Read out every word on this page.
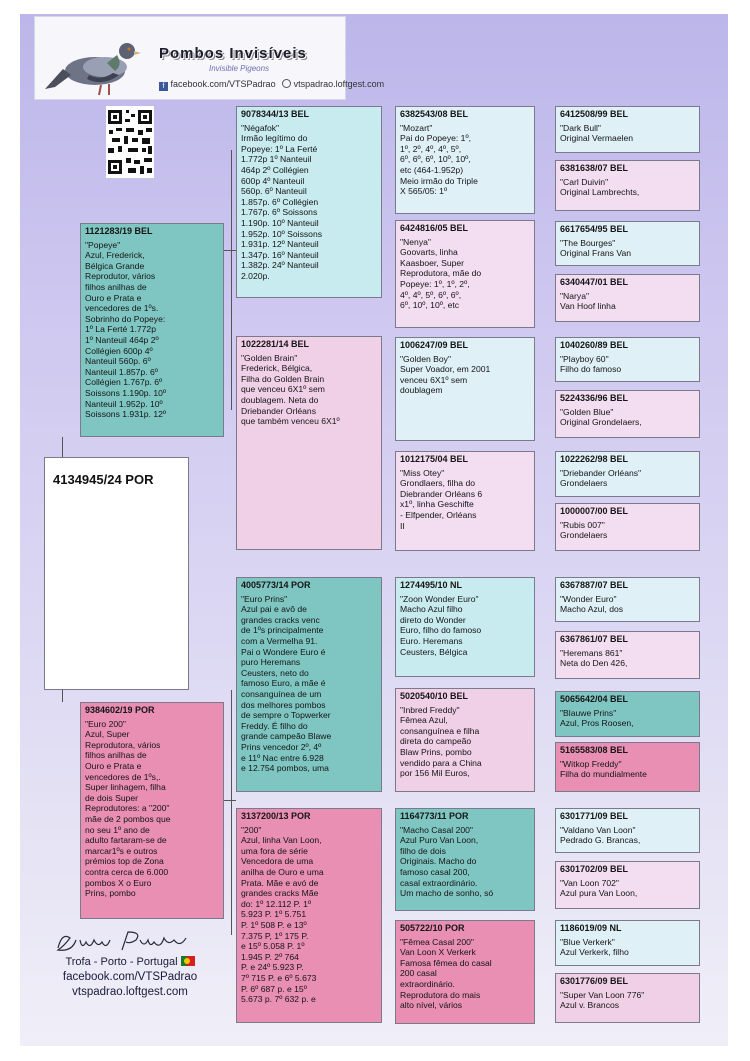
Pombos Invisíveis
Invisible Pigeons
f facebook.com/VTSPadrao vtspadrao.loftgest.com
4134945/24 POR
1121283/19 BEL
"Popeye"
Azul, Frederick,
Bélgica Grande
Reprodutor, vários
filhos anilhas de
Ouro e Prata e
vencedores de 1ºs.
Sobrinho do Popeye:
1º La Ferté 1.772p
1º Nanteuil 464p 2º
Collégien 600p 4º
Nanteuil 560p. 6º
Nanteuil 1.857p. 6º
Collégien 1.767p. 6º
Soissons 1.190p. 10º
Nanteuil 1.952p. 10º
Soissons 1.931p. 12º
9384602/19 POR
"Euro 200"
Azul, Super
Reprodutora, vários
filhos anilhas de
Ouro e Prata e
vencedores de 1ºs,.
Super linhagem, filha
de dois Super
Reprodutores: a "200"
mãe de 2 pombos que
no seu 1º ano de
adulto fartaram-se de
marcar1ºs e outros
prémios top de Zona
contra cerca de 6.000
pombos X o Euro
Prins, pombo
9078344/13 BEL
"Négafok"
Irmão legítimo do
Popeye: 1º La Ferté
1.772p 1º Nanteuil
464p 2º Collégien
600p 4º Nanteuil
560p. 6º Nanteuil
1.857p. 6º Collégien
1.767p. 6º Soissons
1.190p. 10º Nanteuil
1.952p. 10º Soissons
1.931p. 12º Nanteuil
1.347p. 16º Nanteuil
1.382p. 24º Nanteuil
2.020p.
1022281/14 BEL
"Golden Brain"
Frederick, Bélgica,
Filha do Golden Brain
que venceu 6X1º sem
doublagem. Neta do
Driebander Orléans
que também venceu 6X1º
4005773/14 POR
"Euro Prins"
Azul pai e avô de
grandes cracks venc
de 1ºs principalmente
com a Vermelha 91.
Pai o Wondere Euro é
puro Heremans
Ceusters, neto do
famoso Euro, a mãe é
consanguínea de um
dos melhores pombos
de sempre o Topwerker
Freddy. É filho do
grande campeão Blawe
Prins vencedor 2º, 4º
e 11º Nac entre 6.928
e 12.754 pombos, uma
3137200/13 POR
"200"
Azul, linha Van Loon,
uma fora de série
Vencedora de uma
anilha de Ouro e uma
Prata. Mãe e avó de
grandes cracks Mãe
do: 1º 12.112 P. 1º
5.923 P. 1º 5.751
P. 1º 508 P. e 13º
7.375 P, 1º 175 P.
e 15º 5.058 P. 1º
1.945 P. 2º 764
P. e 24º 5.923 P.
7º 715 P. e 6º 5.673
P. 6º 687 p. e 15º
5.673 p. 7º 632 p. e
6382543/08 BEL
"Mozart"
Pai do Popeye: 1º,
1º, 2º, 4º, 4º, 5º,
6º, 6º, 6º, 10º, 10º,
etc (464-1.952p)
Meio irmão do Triple
X 565/05: 1º
6424816/05 BEL
"Nenya"
Goovarts, linha
Kaasboer, Super
Reprodutora, mãe do
Popeye: 1º, 1º, 2º,
4º, 4º, 5º, 6º, 6º,
6º, 10º, 10º, etc
1006247/09 BEL
"Golden Boy"
Super Voador, em 2001
venceu 6X1º sem
doublagem
1012175/04 BEL
"Miss Otey"
Grondlaers, filha do
Diebrander Orléans 6
x1º, linha Geschifte
- Elfpender, Orléans
II
1274495/10 NL
"Zoon Wonder Euro"
Macho Azul filho
direto do Wonder
Euro, filho do famoso
Euro. Heremans
Ceusters, Bélgica
5020540/10 BEL
"Inbred Freddy"
Fêmea Azul,
consanguínea e filha
direta do campeão
Blaw Prins, pombo
vendido para a China
por 156 Mil Euros,
1164773/11 POR
"Macho Casal 200"
Azul Puro Van Loon,
filho de dois
Originais. Macho do
famoso casal 200,
casal extraordinário.
Um macho de sonho, só
505722/10 POR
"Fêmea Casal 200"
Van Loon X Verkerk
Famosa fêmea do casal
200 casal
extraordinário.
Reprodutora do mais
alto nível, vários
6412508/99 BEL
"Dark Bull"
Original Vermaelen
6381638/07 BEL
"Carl Duivin"
Original Lambrechts,
6617654/95 BEL
"The Bourges"
Original Frans Van
6340447/01 BEL
"Narya"
Van Hoof linha
1040260/89 BEL
"Playboy 60"
Filho do famoso
5224336/96 BEL
"Golden Blue"
Original Grondelaers,
1022262/98 BEL
"Driebander Orléans"
Grondelaers
1000007/00 BEL
"Rubis 007"
Grondelaers
6367887/07 BEL
"Wonder Euro"
Macho Azul, dos
6367861/07 BEL
"Heremans 861"
Neta do Den 426,
5065642/04 BEL
"Blauwe Prins"
Azul, Pros Roosen,
5165583/08 BEL
"Witkop Freddy"
Filha do mundialmente
6301771/09 BEL
"Valdano Van Loon"
Pedrado G. Brancas,
6301702/09 BEL
"Van Loon 702"
Azul pura Van Loon,
1186019/09 NL
"Blue Verkerk"
Azul Verkerk, filho
6301776/09 BEL
"Super Van Loon 776"
Azul v. Brancos
Trofa - Porto - Portugal
facebook.com/VTSPadrao
vtspadrao.loftgest.com
